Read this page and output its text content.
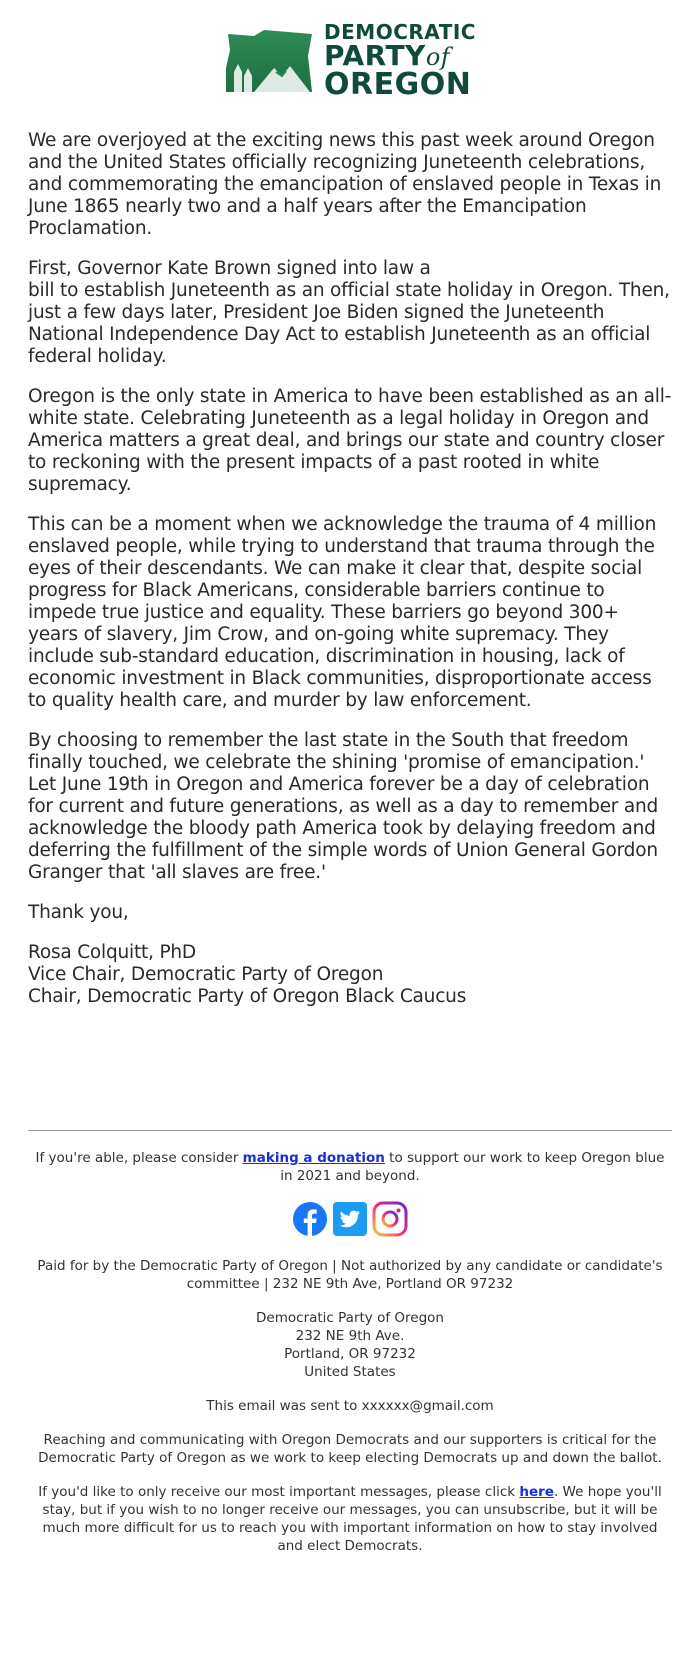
DEMOCRATIC
PARTYof
OREGON

We are overjoyed at the exciting news this past week around Oregon and the United States officially recognizing Juneteenth celebrations, and commemorating the emancipation of enslaved people in Texas in June 1865 nearly two and a half years after the Emancipation Proclamation.

First, Governor Kate Brown signed into law a
bill to establish Juneteenth as an official state holiday in Oregon. Then, just a few days later, President Joe Biden signed the Juneteenth National Independence Day Act to establish Juneteenth as an official federal holiday.

Oregon is the only state in America to have been established as an all-white state. Celebrating Juneteenth as a legal holiday in Oregon and America matters a great deal, and brings our state and country closer to reckoning with the present impacts of a past rooted in white supremacy.

This can be a moment when we acknowledge the trauma of 4 million enslaved people, while trying to understand that trauma through the eyes of their descendants. We can make it clear that, despite social progress for Black Americans, considerable barriers continue to impede true justice and equality. These barriers go beyond 300+ years of slavery, Jim Crow, and on-going white supremacy. They include sub-standard education, discrimination in housing, lack of economic investment in Black communities, disproportionate access to quality health care, and murder by law enforcement.

By choosing to remember the last state in the South that freedom finally touched, we celebrate the shining 'promise of emancipation.' Let June 19th in Oregon and America forever be a day of celebration for current and future generations, as well as a day to remember and acknowledge the bloody path America took by delaying freedom and deferring the fulfillment of the simple words of Union General Gordon Granger that 'all slaves are free.'

Thank you,

Rosa Colquitt, PhD

Vice Chair, Democratic Party of Oregon

Chair, Democratic Party of Oregon Black Caucus

If you're able, please consider making a donation to support our work to keep Oregon blue in 2021 and beyond.

Paid for by the Democratic Party of Oregon | Not authorized by any candidate or candidate's committee | 232 NE 9th Ave, Portland OR 97232

Democratic Party of Oregon
232 NE 9th Ave.
Portland, OR 97232
United States

This email was sent to xxxxxx@gmail.com

Reaching and communicating with Oregon Democrats and our supporters is critical for the Democratic Party of Oregon as we work to keep electing Democrats up and down the ballot.

If you'd like to only receive our most important messages, please click here. We hope you'll stay, but if you wish to no longer receive our messages, you can unsubscribe, but it will be much more difficult for us to reach you with important information on how to stay involved and elect Democrats.
